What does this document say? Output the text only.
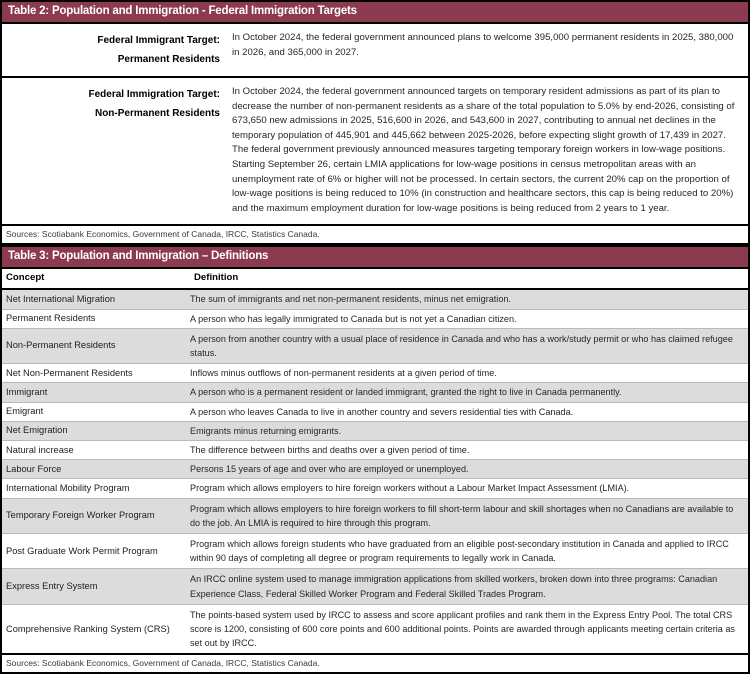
Table 2: Population and Immigration - Federal Immigration Targets
Federal Immigrant Target:
Permanent Residents
In October 2024, the federal government announced plans to welcome 395,000 permanent residents in 2025, 380,000 in 2026, and 365,000 in 2027.
Federal Immigration Target:
Non-Permanent Residents
In October 2024, the federal government announced targets on temporary resident admissions as part of its plan to decrease the number of non-permanent residents as a share of the total population to 5.0% by end-2026, consisting of 673,650 new admissions in 2025, 516,600 in 2026, and 543,600 in 2027, contributing to annual net declines in the temporary population of 445,901 and 445,662 between 2025-2026, before expecting slight growth of 17,439 in 2027. The federal government previously announced measures targeting temporary foreign workers in low-wage positions. Starting September 26, certain LMIA applications for low-wage positions in census metropolitan areas with an unemployment rate of 6% or higher will not be processed. In certain sectors, the current 20% cap on the proportion of low-wage positions is being reduced to 10% (in construction and healthcare sectors, this cap is being reduced to 20%) and the maximum employment duration for low-wage positions is being reduced from 2 years to 1 year.
Sources: Scotiabank Economics, Government of Canada, IRCC, Statistics Canada.
Table 3: Population and Immigration – Definitions
Concept	Definition
Net International Migration	The sum of immigrants and net non-permanent residents, minus net emigration.
Permanent Residents	A person who has legally immigrated to Canada but is not yet a Canadian citizen.
Non-Permanent Residents
A person from another country with a usual place of residence in Canada and who has a work/study permit or who has claimed refugee status.
Net Non-Permanent Residents	Inflows minus outflows of non-permanent residents at a given period of time.
Immigrant	A person who is a permanent resident or landed immigrant, granted the right to live in Canada permanently.
Emigrant	A person who leaves Canada to live in another country and severs residential ties with Canada.
Net Emigration	Emigrants minus returning emigrants.
Natural increase	The difference between births and deaths over a given period of time.
Labour Force	Persons 15 years of age and over who are employed or unemployed.
International Mobility Program	Program which allows employers to hire foreign workers without a Labour Market Impact Assessment (LMIA).
Temporary Foreign Worker Program
Program which allows employers to hire foreign workers to fill short-term labour and skill shortages when no Canadians are available to do the job. An LMIA is required to hire through this program.
Post Graduate Work Permit Program
Program which allows foreign students who have graduated from an eligible post-secondary institution in Canada and applied to IRCC within 90 days of completing all degree or program requirements to legally work in Canada.
Express Entry System
An IRCC online system used to manage immigration applications from skilled workers, broken down into three programs: Canadian Experience Class, Federal Skilled Worker Program and Federal Skilled Trades Program.
Comprehensive Ranking System (CRS)
The points-based system used by IRCC to assess and score applicant profiles and rank them in the Express Entry Pool. The total CRS score is 1200, consisting of 600 core points and 600 additional points. Points are awarded through applicants meeting certain criteria as set out by IRCC.
Sources: Scotiabank Economics, Government of Canada, IRCC, Statistics Canada.
